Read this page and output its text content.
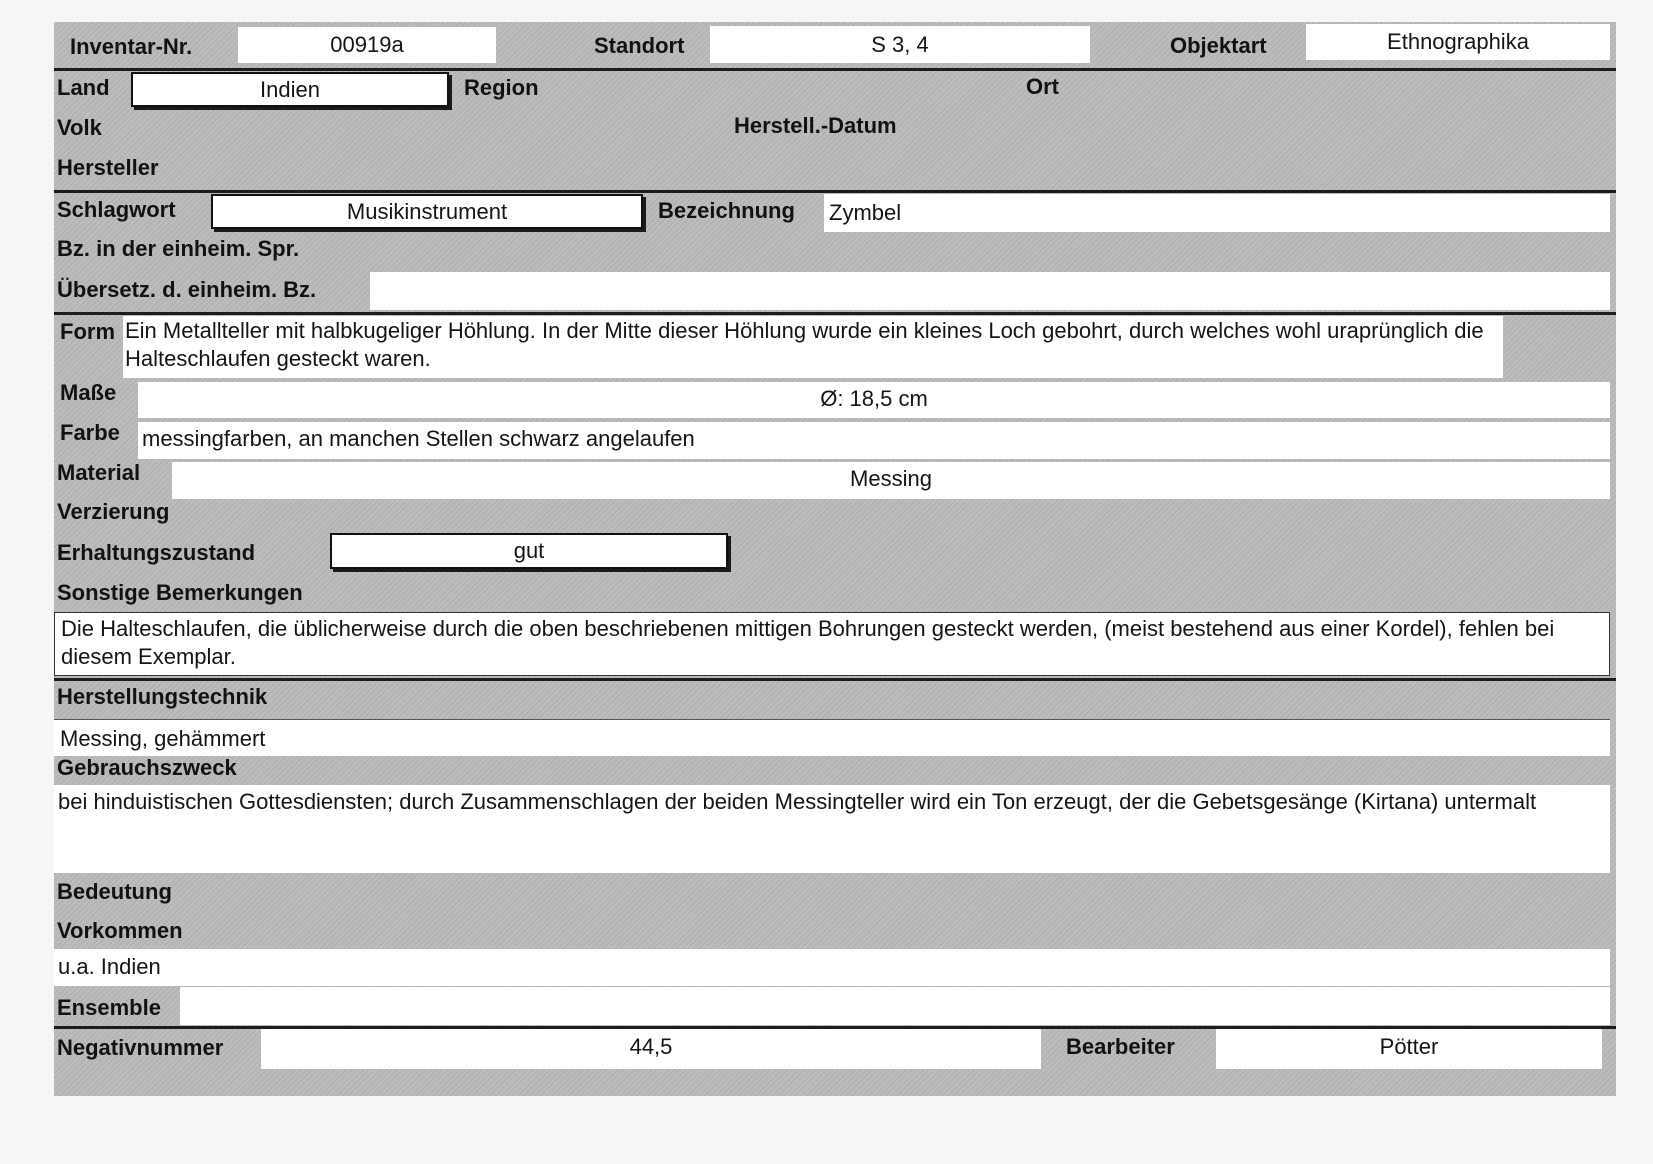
Inventar-Nr.	00919a	Standort	S 3, 4	Objektart	Ethnographika
Land	Indien	Region	Ort
Volk	Herstell.-Datum
Hersteller
Schlagwort	Musikinstrument	Bezeichnung Zymbel
Bz. in der einheim. Spr.
Übersetz. d. einheim. Bz.
Form Ein Metallteller mit halbkugeliger Höhlung. In der Mitte dieser Höhlung wurde ein kleines Loch gebohrt, durch welches wohl uraprünglich die Halteschlaufen gesteckt waren.
Maße	Ø: 18,5 cm
Farbe messingfarben, an manchen Stellen schwarz angelaufen
Material	Messing
Verzierung
Erhaltungszustand	gut
Sonstige Bemerkungen
Die Halteschlaufen, die üblicherweise durch die oben beschriebenen mittigen Bohrungen gesteckt werden, (meist bestehend aus einer Kordel), fehlen bei diesem Exemplar.
Herstellungstechnik
Messing, gehämmert
Gebrauchszweck
bei hinduistischen Gottesdiensten; durch Zusammenschlagen der beiden Messingteller wird ein Ton erzeugt, der die Gebetsgesänge (Kirtana) untermalt
Bedeutung
Vorkommen
u.a. Indien
Ensemble
Negativnummer	44,5	Bearbeiter	Pötter
